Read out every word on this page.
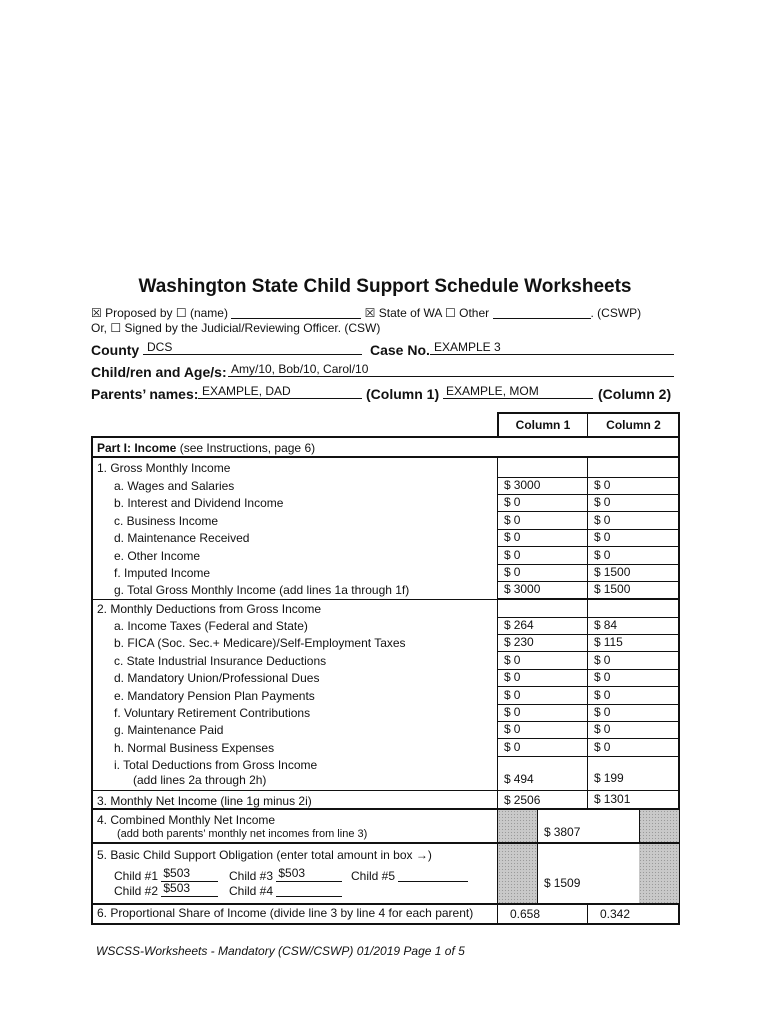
Washington State Child Support Schedule Worksheets
☒ Proposed by ☐ (name)	☒ State of WA ☐ Other	. (CSWP)
Or, ☐ Signed by the Judicial/Reviewing Officer. (CSW)
County DCS	Case No. EXAMPLE 3
Child/ren and Age/s: Amy/10, Bob/10, Carol/10
Parents’ names: EXAMPLE, DAD	(Column 1) EXAMPLE, MOM	(Column 2)
Column 1	Column 2
Part I: Income (see Instructions, page 6)
1. Gross Monthly Income
a. Wages and Salaries	$ 3000	$ 0
b. Interest and Dividend Income	$ 0	$ 0
c. Business Income	$ 0	$ 0
d. Maintenance Received	$ 0	$ 0
e. Other Income	$ 0	$ 0
f. Imputed Income	$ 0	$ 1500
g. Total Gross Monthly Income (add lines 1a through 1f)	$ 3000	$ 1500
2. Monthly Deductions from Gross Income
a. Income Taxes (Federal and State)	$ 264	$ 84
b. FICA (Soc. Sec.+ Medicare)/Self-Employment Taxes	$ 230	$ 115
c. State Industrial Insurance Deductions	$ 0	$ 0
d. Mandatory Union/Professional Dues	$ 0	$ 0
e. Mandatory Pension Plan Payments	$ 0	$ 0
f. Voluntary Retirement Contributions	$ 0	$ 0
g. Maintenance Paid	$ 0	$ 0
h. Normal Business Expenses	$ 0	$ 0
i. Total Deductions from Gross Income
(add lines 2a through 2h)	$ 494	$ 199
3. Monthly Net Income (line 1g minus 2i)	$ 2506	$ 1301
4. Combined Monthly Net Income
(add both parents’ monthly net incomes from line 3)	$ 3807
5. Basic Child Support Obligation (enter total amount in box →)
Child #1 $503	Child #3 $503	Child #5
Child #2 $503	Child #4
$ 1509
6. Proportional Share of Income (divide line 3 by line 4 for each parent)	0.658	0.342
WSCSS-Worksheets - Mandatory (CSW/CSWP) 01/2019 Page 1 of 5
